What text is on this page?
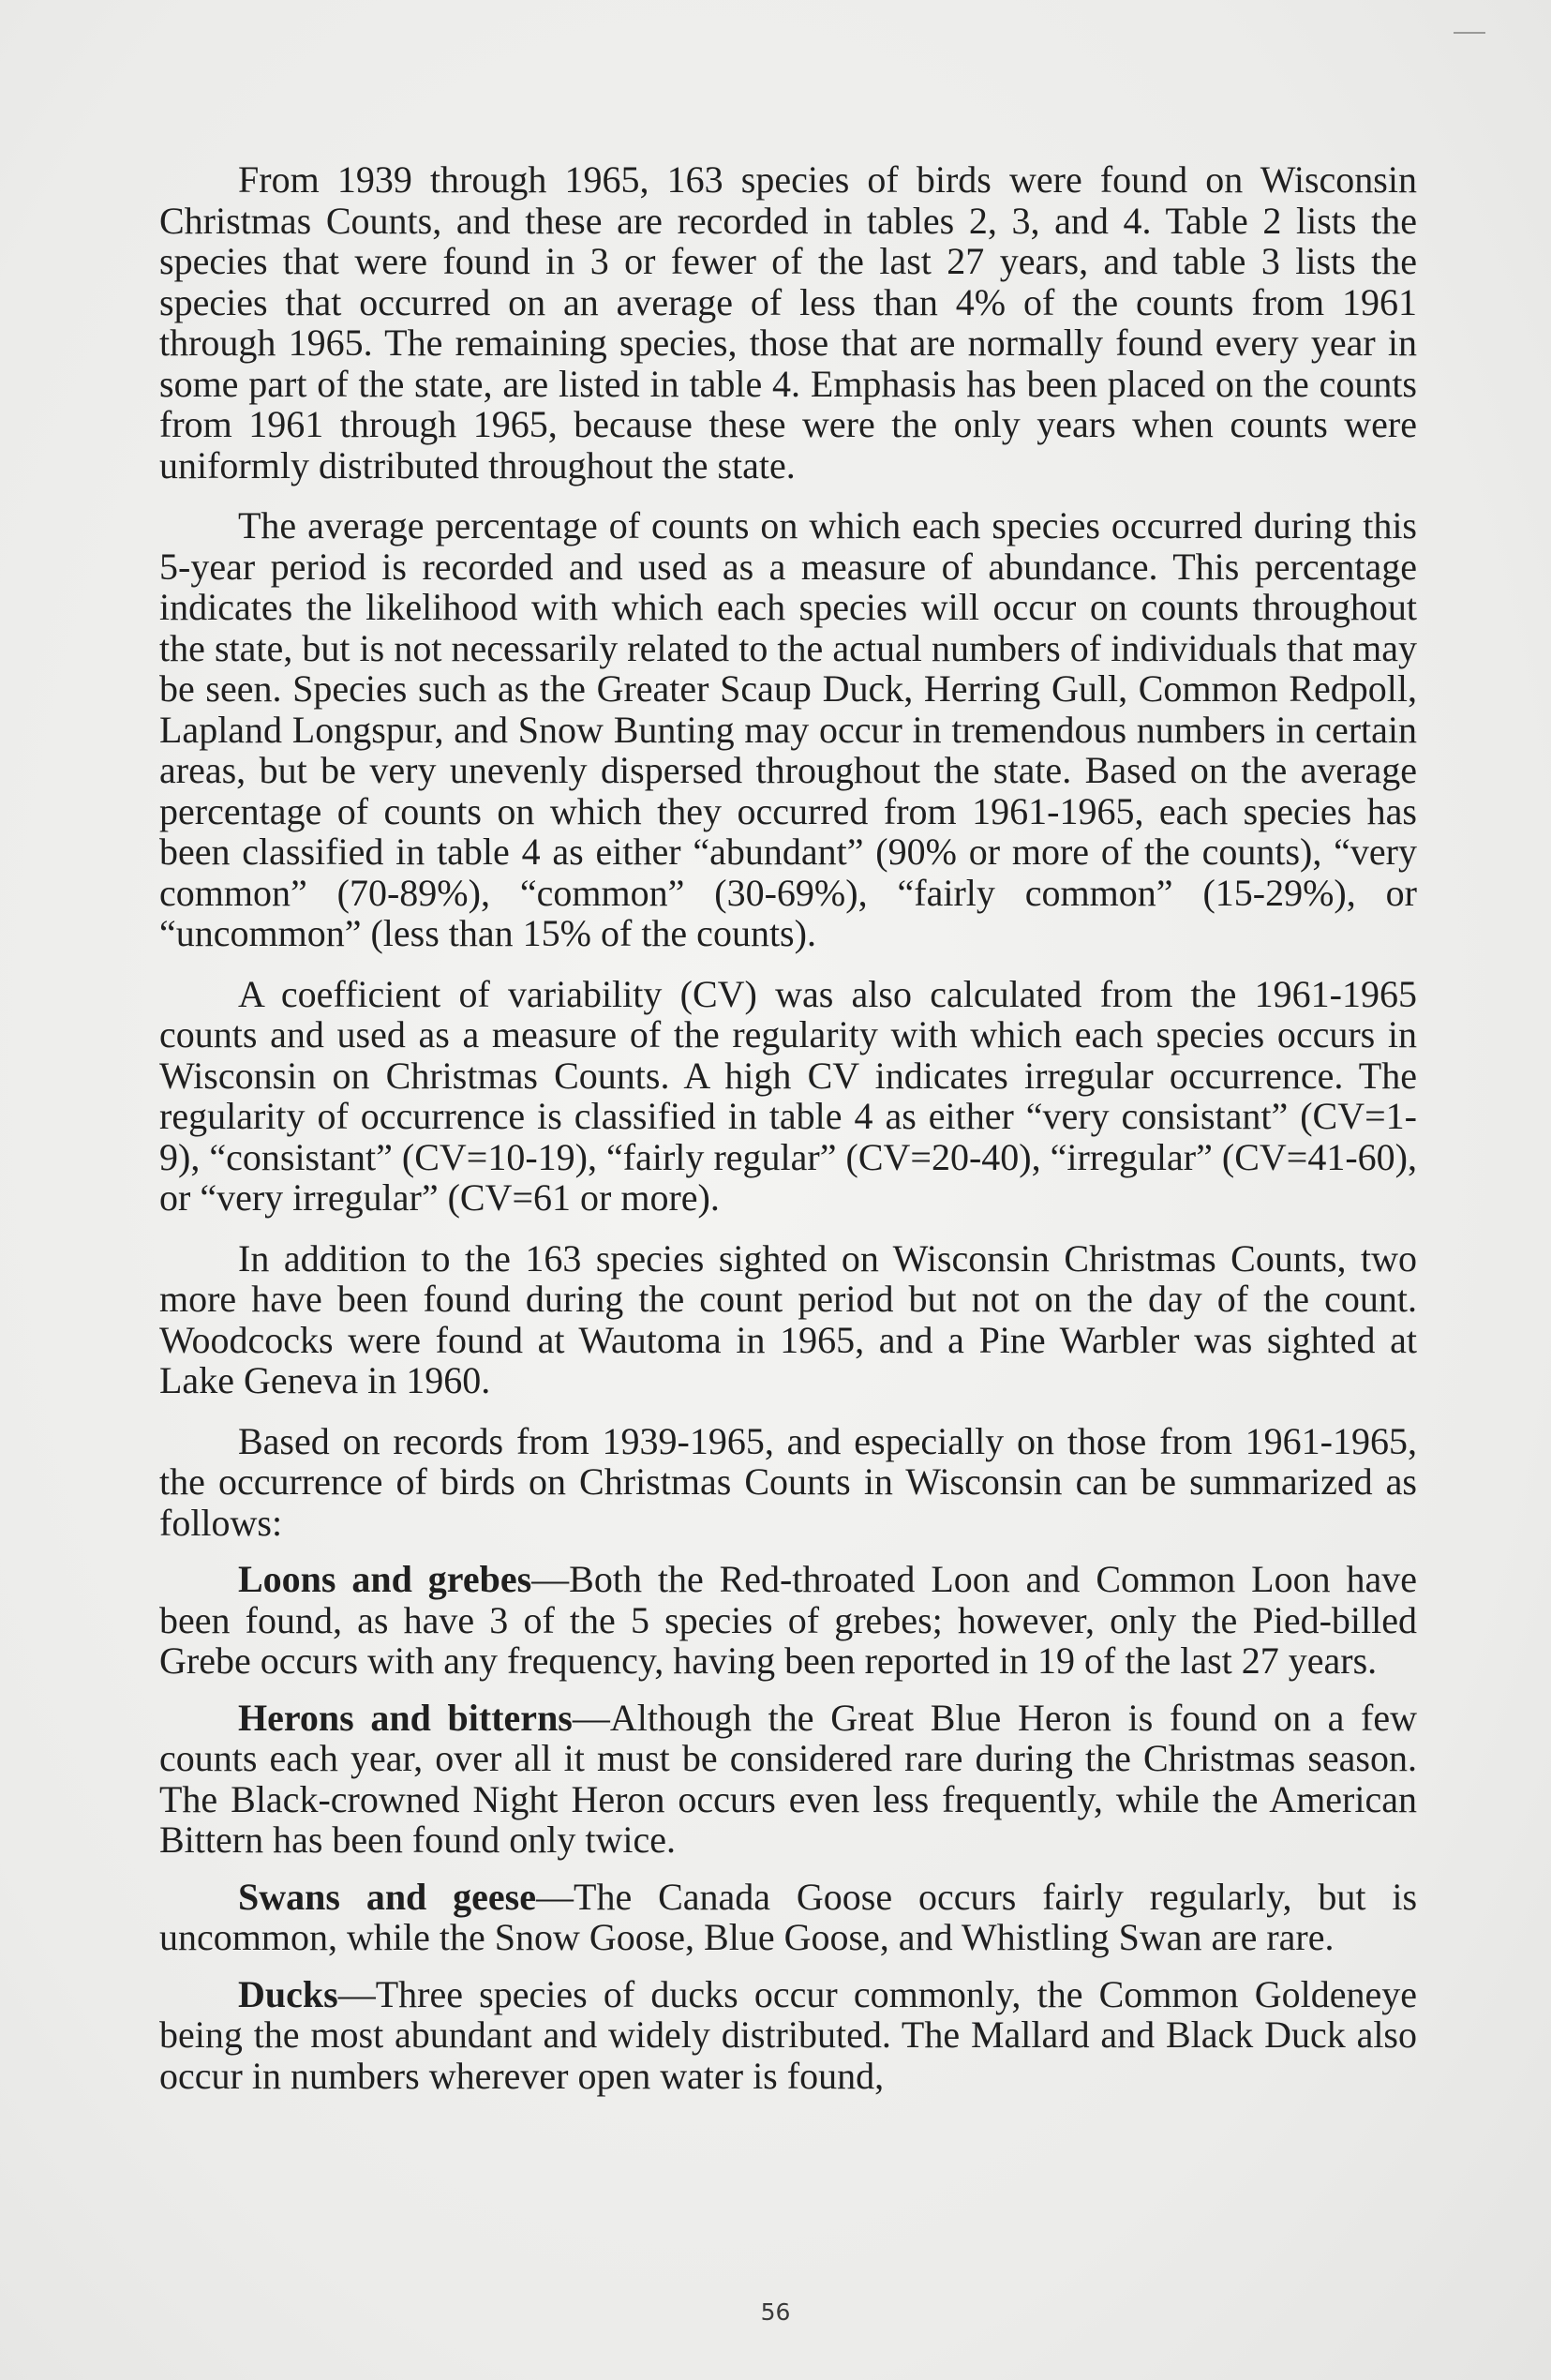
From 1939 through 1965, 163 species of birds were found on Wisconsin Christmas Counts, and these are recorded in tables 2, 3, and 4. Table 2 lists the species that were found in 3 or fewer of the last 27 years, and table 3 lists the species that occurred on an average of less than 4% of the counts from 1961 through 1965. The remaining species, those that are normally found every year in some part of the state, are listed in table 4. Emphasis has been placed on the counts from 1961 through 1965, because these were the only years when counts were uniformly distributed throughout the state.

The average percentage of counts on which each species occurred during this 5-year period is recorded and used as a measure of abundance. This percentage indicates the likelihood with which each species will occur on counts throughout the state, but is not necessarily related to the actual numbers of individuals that may be seen. Species such as the Greater Scaup Duck, Herring Gull, Common Redpoll, Lapland Longspur, and Snow Bunting may occur in tremendous numbers in certain areas, but be very unevenly dispersed throughout the state. Based on the average percentage of counts on which they occurred from 1961-1965, each species has been classified in table 4 as either “abundant” (90% or more of the counts), “very common” (70-89%), “common” (30-69%), “fairly common” (15-29%), or “uncommon” (less than 15% of the counts).

A coefficient of variability (CV) was also calculated from the 1961-1965 counts and used as a measure of the regularity with which each species occurs in Wisconsin on Christmas Counts. A high CV indicates irregular occurrence. The regularity of occurrence is classified in table 4 as either “very consistant” (CV=1-9), “consistant” (CV=10-19), “fairly regular” (CV=20-40), “irregular” (CV=41-60), or “very irregular” (CV=61 or more).

In addition to the 163 species sighted on Wisconsin Christmas Counts, two more have been found during the count period but not on the day of the count. Woodcocks were found at Wautoma in 1965, and a Pine Warbler was sighted at Lake Geneva in 1960.

Based on records from 1939-1965, and especially on those from 1961-1965, the occurrence of birds on Christmas Counts in Wisconsin can be summarized as follows:

Loons and grebes—Both the Red-throated Loon and Common Loon have been found, as have 3 of the 5 species of grebes; however, only the Pied-billed Grebe occurs with any frequency, having been reported in 19 of the last 27 years.

Herons and bitterns—Although the Great Blue Heron is found on a few counts each year, over all it must be considered rare during the Christmas season. The Black-crowned Night Heron occurs even less frequently, while the American Bittern has been found only twice.

Swans and geese—The Canada Goose occurs fairly regularly, but is uncommon, while the Snow Goose, Blue Goose, and Whistling Swan are rare.

Ducks—Three species of ducks occur commonly, the Common Goldeneye being the most abundant and widely distributed. The Mallard and Black Duck also occur in numbers wherever open water is found,

56
